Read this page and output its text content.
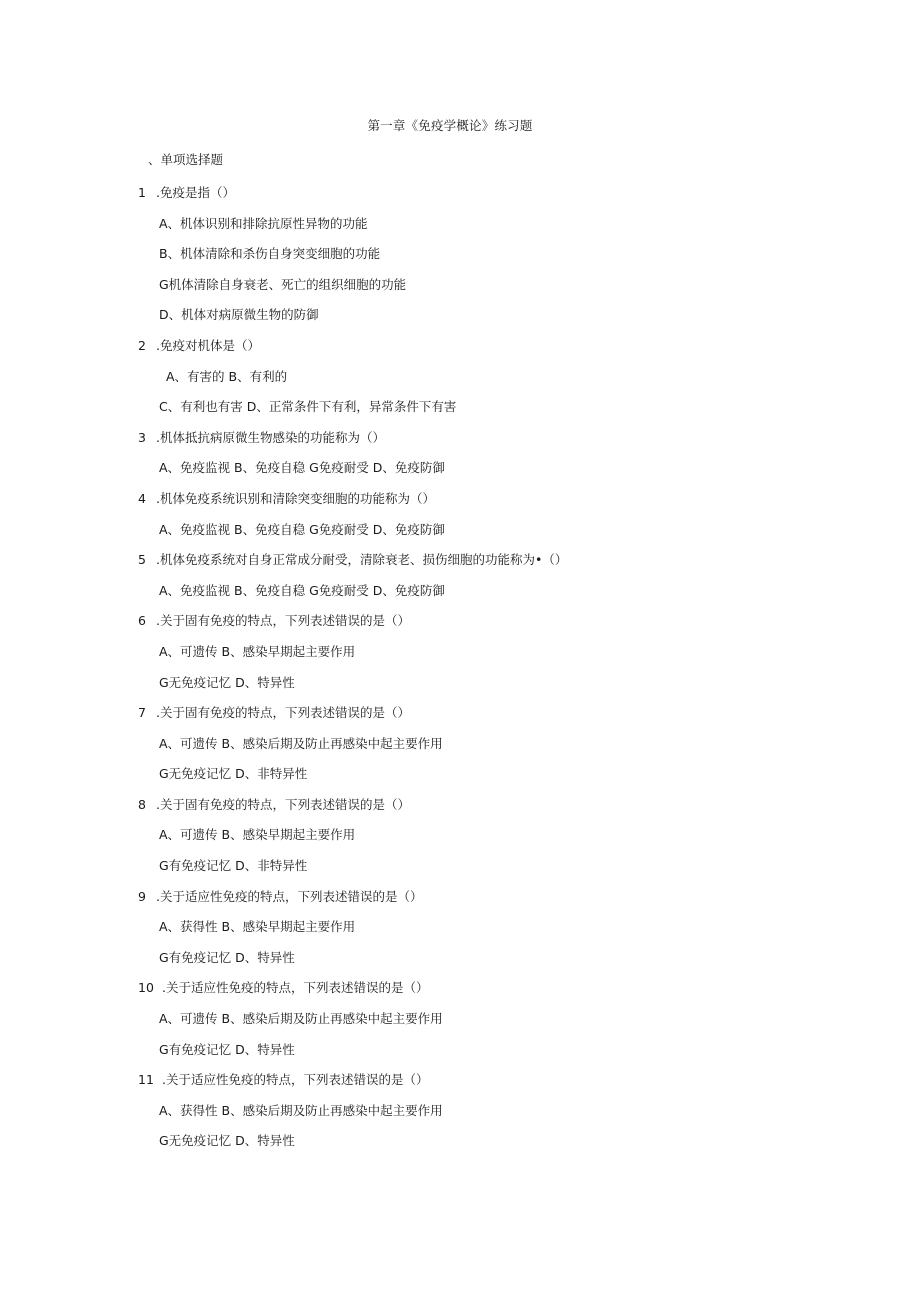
第一章《免疫学概论》练习题
、单项选择题
1 .免疫是指（）
A、机体识别和排除抗原性异物的功能
B、机体清除和杀伤自身突变细胞的功能
G机体清除自身衰老、死亡的组织细胞的功能
D、机体对病原微生物的防御
2 .免疫对机体是（）
A、有害的 B、有利的
C、有利也有害 D、正常条件下有利，异常条件下有害
3 .机体抵抗病原微生物感染的功能称为（）
A、免疫监视 B、免疫自稳 G免疫耐受 D、免疫防御
4 .机体免疫系统识别和清除突变细胞的功能称为（）
A、免疫监视 B、免疫自稳 G免疫耐受 D、免疫防御
5 .机体免疫系统对自身正常成分耐受，清除衰老、损伤细胞的功能称为•（）
A、免疫监视 B、免疫自稳 G免疫耐受 D、免疫防御
6 .关于固有免疫的特点，下列表述错误的是（）
A、可遗传 B、感染早期起主要作用
G无免疫记忆 D、特异性
7 .关于固有免疫的特点，下列表述错误的是（）
A、可遗传 B、感染后期及防止再感染中起主要作用
G无免疫记忆 D、非特异性
8 .关于固有免疫的特点，下列表述错误的是（）
A、可遗传 B、感染早期起主要作用
G有免疫记忆 D、非特异性
9 .关于适应性免疫的特点，下列表述错误的是（）
A、获得性 B、感染早期起主要作用
G有免疫记忆 D、特异性
10 .关于适应性免疫的特点，下列表述错误的是（）
A、可遗传 B、感染后期及防止再感染中起主要作用
G有免疫记忆 D、特异性
11 .关于适应性免疫的特点，下列表述错误的是（）
A、获得性 B、感染后期及防止再感染中起主要作用
G无免疫记忆 D、特异性
